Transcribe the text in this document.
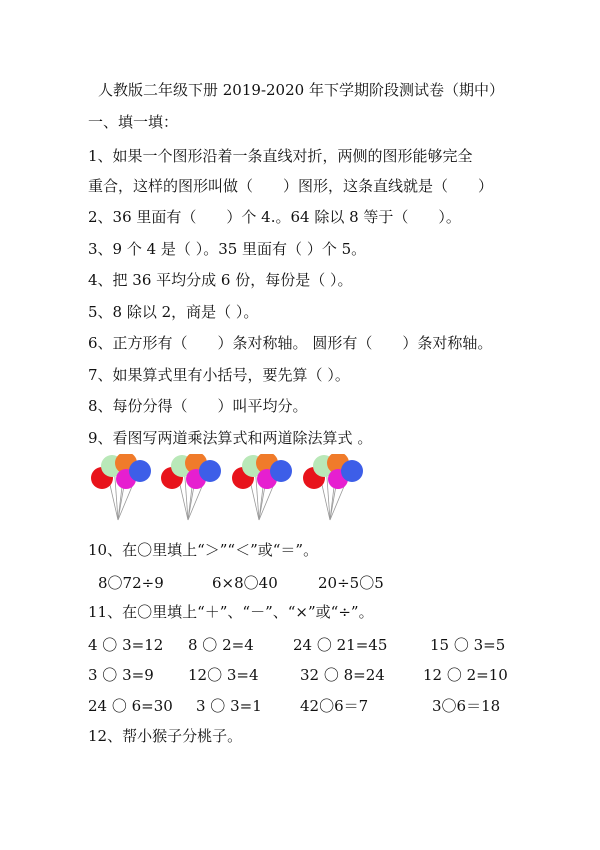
人教版二年级下册 2019-2020 年下学期阶段测试卷（期中）
一、填一填：
1、如果一个图形沿着一条直线对折，两侧的图形能够完全
重合，这样的图形叫做（　　）图形，这条直线就是（　　）
2、36 里面有（　　）个 4.。64 除以 8 等于（　　）。
3、9 个 4 是（ ）。35 里面有（ ）个 5。
4、把 36 平均分成 6 份，每份是（ ）。
5、8 除以 2，商是（ ）。
6、正方形有（　　）条对称轴。 圆形有（　　）条对称轴。
7、如果算式里有小括号，要先算（ ）。
8、每份分得（　　）叫平均分。
9、看图写两道乘法算式和两道除法算式 。
10、在〇里填上“＞”“＜”或“＝”。
8〇72÷9	6×8〇40	20÷5〇5
11、在〇里填上“＋”、“－”、“×”或“÷”。
4 〇 3=12 8 〇 2=4	24 〇 21=45	15 〇 3=5
3 〇 3=9 12〇 3=4	32 〇 8=24	12 〇 2=10
24 〇 6=30 3 〇 3=1	42〇6＝7	3〇6＝18
12、帮小猴子分桃子。
